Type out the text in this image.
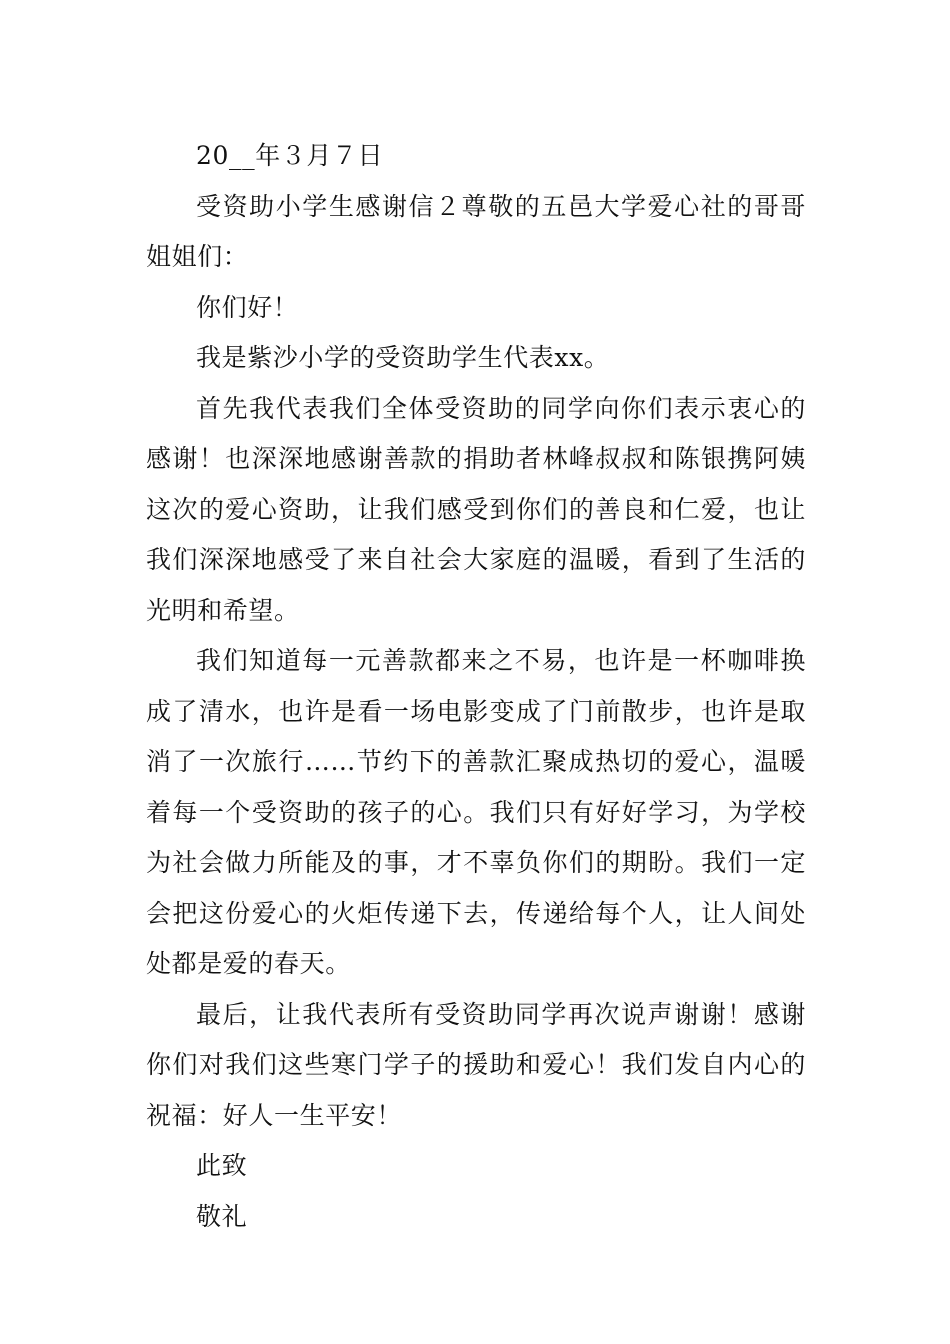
20__年３月７日

受资助小学生感谢信２尊敬的五邑大学爱心社的哥哥姐姐们：

你们好！

我是紫沙小学的受资助学生代表xx。

首先我代表我们全体受资助的同学向你们表示衷心的感谢！也深深地感谢善款的捐助者林峰叔叔和陈银携阿姨这次的爱心资助，让我们感受到你们的善良和仁爱，也让我们深深地感受了来自社会大家庭的温暖，看到了生活的光明和希望。

我们知道每一元善款都来之不易，也许是一杯咖啡换成了清水，也许是看一场电影变成了门前散步，也许是取消了一次旅行……节约下的善款汇聚成热切的爱心，温暖着每一个受资助的孩子的心。我们只有好好学习，为学校为社会做力所能及的事，才不辜负你们的期盼。我们一定会把这份爱心的火炬传递下去，传递给每个人，让人间处处都是爱的春天。

最后，让我代表所有受资助同学再次说声谢谢！感谢你们对我们这些寒门学子的援助和爱心！我们发自内心的祝福：好人一生平安！

此致

敬礼
